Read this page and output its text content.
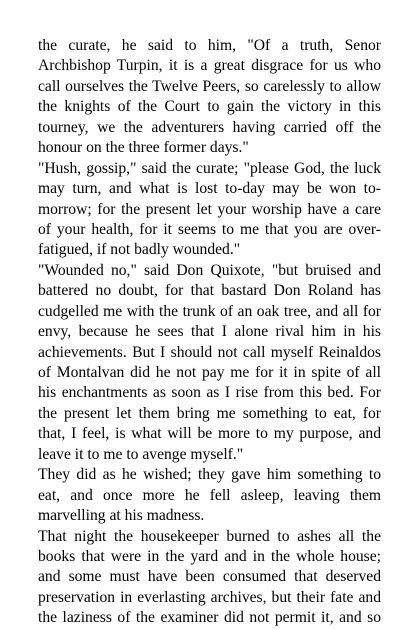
the curate, he said to him, "Of a truth, Senor
Archbishop Turpin, it is a great disgrace for us who
call ourselves the Twelve Peers, so carelessly to allow
the knights of the Court to gain the victory in this
tourney, we the adventurers having carried off the
honour on the three former days."
"Hush, gossip," said the curate; "please God, the luck
may turn, and what is lost to-day may be won to-
morrow; for the present let your worship have a care
of your health, for it seems to me that you are over-
fatigued, if not badly wounded."
"Wounded no," said Don Quixote, "but bruised and
battered no doubt, for that bastard Don Roland has
cudgelled me with the trunk of an oak tree, and all for
envy, because he sees that I alone rival him in his
achievements. But I should not call myself Reinaldos
of Montalvan did he not pay me for it in spite of all
his enchantments as soon as I rise from this bed. For
the present let them bring me something to eat, for
that, I feel, is what will be more to my purpose, and
leave it to me to avenge myself."
They did as he wished; they gave him something to
eat, and once more he fell asleep, leaving them
marvelling at his madness.
That night the housekeeper burned to ashes all the
books that were in the yard and in the whole house;
and some must have been consumed that deserved
preservation in everlasting archives, but their fate and
the laziness of the examiner did not permit it, and so
